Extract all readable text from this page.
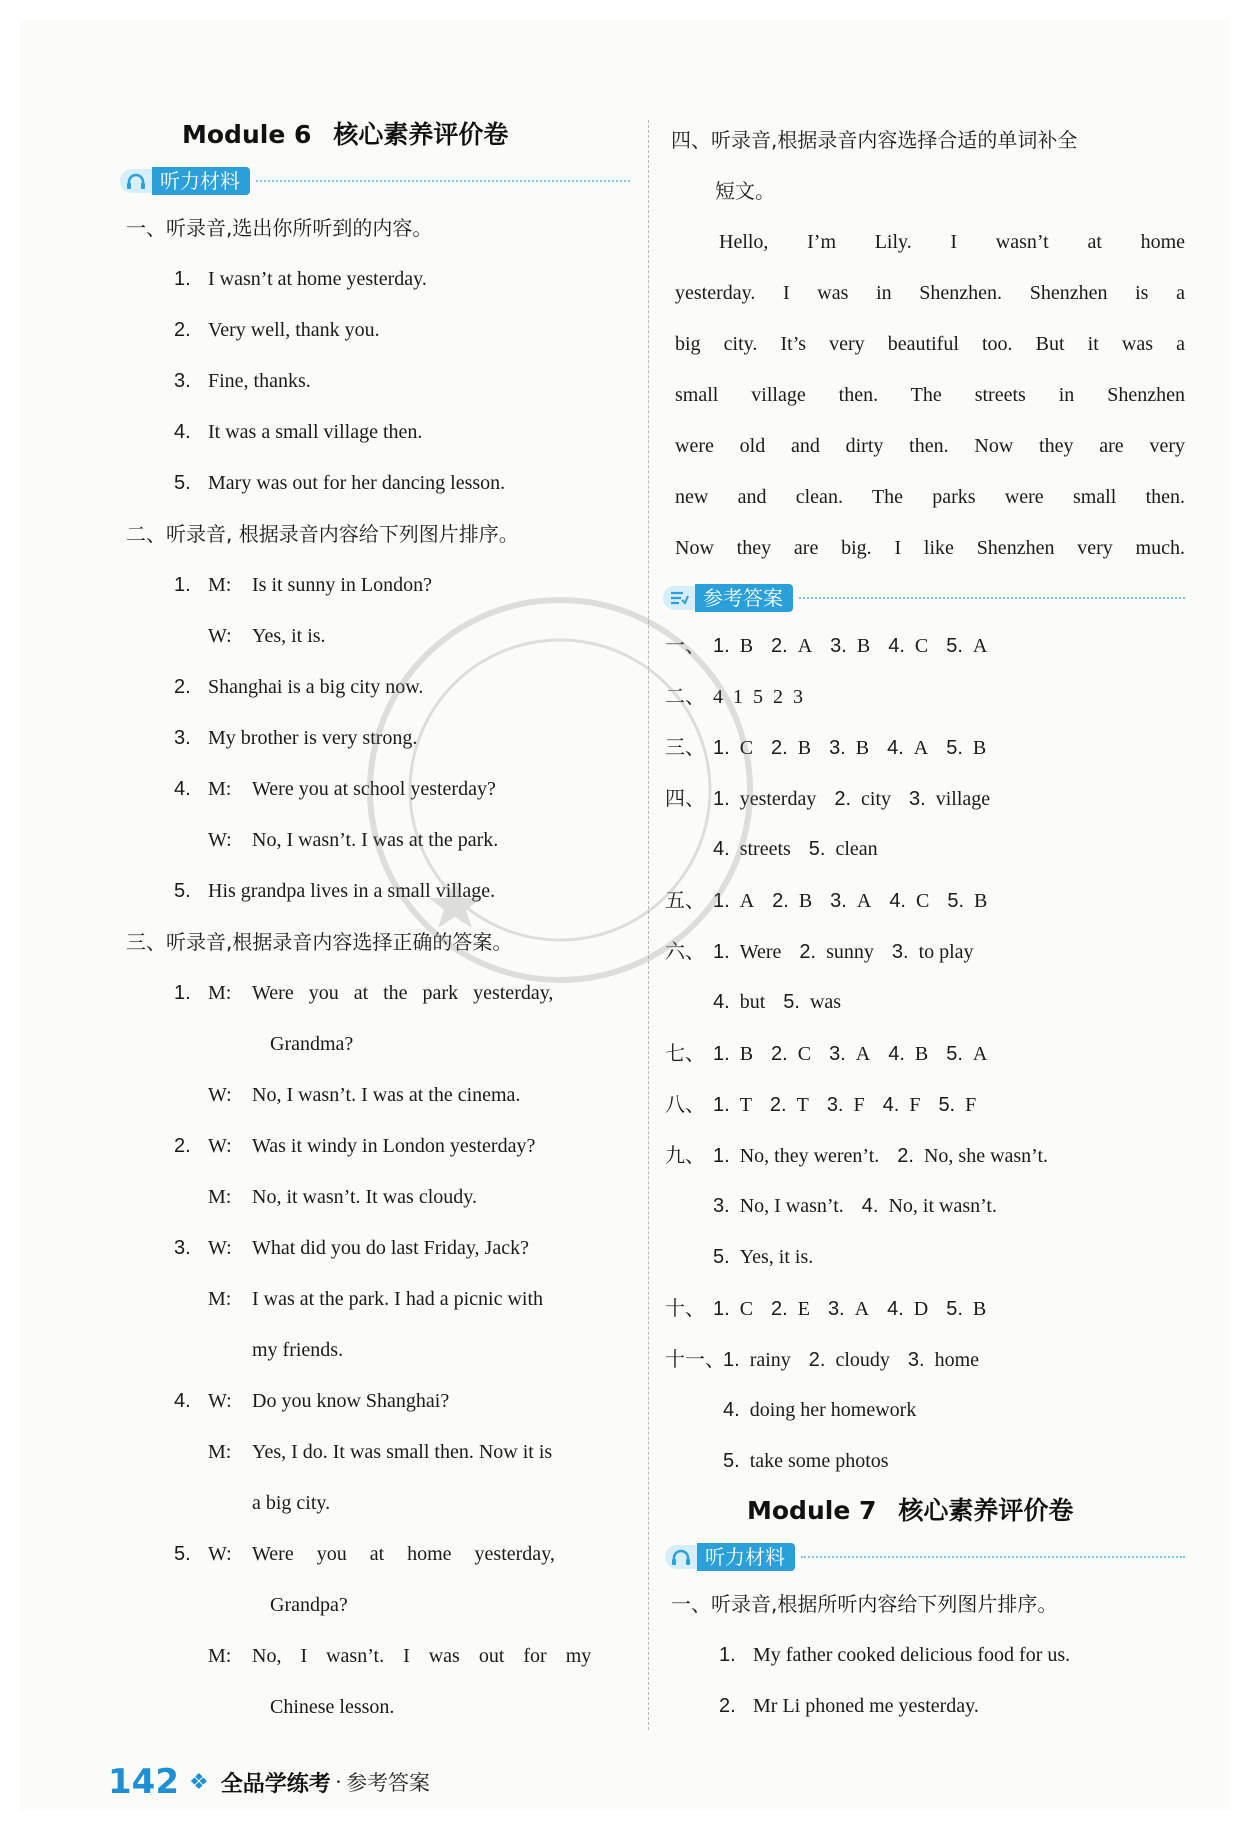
Module 6 核心素养评价卷
听力材料
一、听录音,选出你所听到的内容。
1. I wasn’t at home yesterday.
2. Very well, thank you.
3. Fine, thanks.
4. It was a small village then.
5. Mary was out for her dancing lesson.
二、听录音, 根据录音内容给下列图片排序。
1. M: Is it sunny in London?
W: Yes, it is.
2. Shanghai is a big city now.
3. My brother is very strong.
4. M: Were you at school yesterday?
W: No, I wasn’t. I was at the park.
5. His grandpa lives in a small village.
三、听录音,根据录音内容选择正确的答案。
1. M: Were you at the park yesterday,
Grandma?
W: No, I wasn’t. I was at the cinema.
2. W: Was it windy in London yesterday?
M: No, it wasn’t. It was cloudy.
3. W: What did you do last Friday, Jack?
M: I was at the park. I had a picnic with
my friends.
4. W: Do you know Shanghai?
M: Yes, I do. It was small then. Now it is
a big city.
5. W: Were you at home yesterday,
Grandpa?
M: No, I wasn’t. I was out for my
Chinese lesson.
四、听录音,根据录音内容选择合适的单词补全
短文。
Hello, I’m Lily. I wasn’t at home
yesterday. I was in Shenzhen. Shenzhen is a
big city. It’s very beautiful too. But it was a
small village then. The streets in Shenzhen
were old and dirty then. Now they are very
new and clean. The parks were small then.
Now they are big. I like Shenzhen very much.
参考答案
一、 1. B 2. A 3. B 4. C 5. A
二、 4  1  5  2  3
三、 1. C 2. B 3. B 4. A 5. B
四、 1. yesterday 2. city 3. village
4. streets 5. clean
五、 1. A 2. B 3. A 4. C 5. B
六、 1. Were 2. sunny 3. to play
4. but 5. was
七、 1. B 2. C 3. A 4. B 5. A
八、 1. T 2. T 3. F 4. F 5. F
九、 1. No, they weren’t. 2. No, she wasn’t.
3. No, I wasn’t. 4. No, it wasn’t.
5. Yes, it is.
十、 1. C 2. E 3. A 4. D 5. B
十一、1. rainy 2. cloudy 3. home
4. doing her homework
5. take some photos
Module 7 核心素养评价卷
听力材料
一、听录音,根据所听内容给下列图片排序。
1. My father cooked delicious food for us.
2. Mr Li phoned me yesterday.
142 ❖ 全品学练考 · 参考答案
